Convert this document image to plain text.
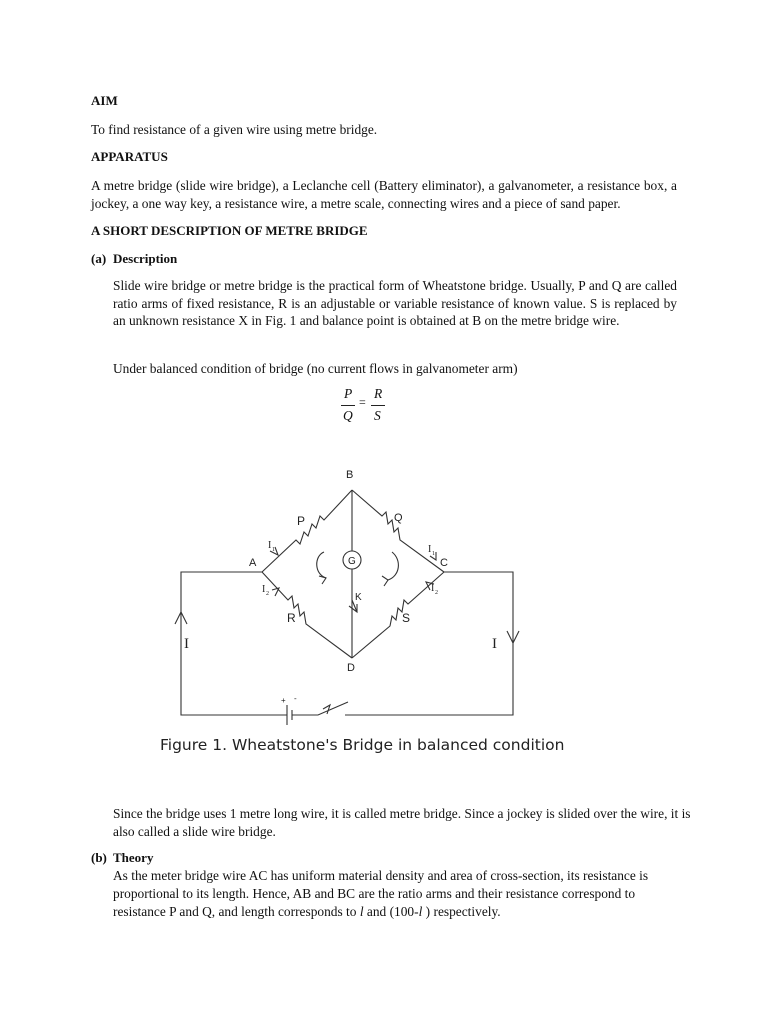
AIM
To find resistance of a given wire using metre bridge.
APPARATUS
A metre bridge (slide wire bridge), a Leclanche cell (Battery eliminator), a galvanometer, a resistance box, a jockey, a one way key, a resistance wire, a metre scale, connecting wires and a piece of sand paper.
A SHORT DESCRIPTION OF METRE BRIDGE
(a) Description
Slide wire bridge or metre bridge is the practical form of Wheatstone bridge. Usually, P and Q are called ratio arms of fixed resistance, R is an adjustable or variable resistance of known value. S is replaced by an unknown resistance X in Fig. 1 and balance point is obtained at B on the metre bridge wire.
Under balanced condition of bridge (no current flows in galvanometer arm)
P
Q
=
R
S
B
A	C
D
P	Q
R	S
G
K
I	I
I 1	I 1
I 2	I 2
+ -
Figure 1. Wheatstone's Bridge in balanced condition
Since the bridge uses 1 metre long wire, it is called metre bridge. Since a jockey is slided over the wire, it is also called a slide wire bridge.
(b) Theory
As the meter bridge wire AC has uniform material density and area of cross-section, its resistance is
proportional to its length. Hence, AB and BC are the ratio arms and their resistance correspond to
resistance P and Q, and length corresponds to l and (100-l ) respectively.
